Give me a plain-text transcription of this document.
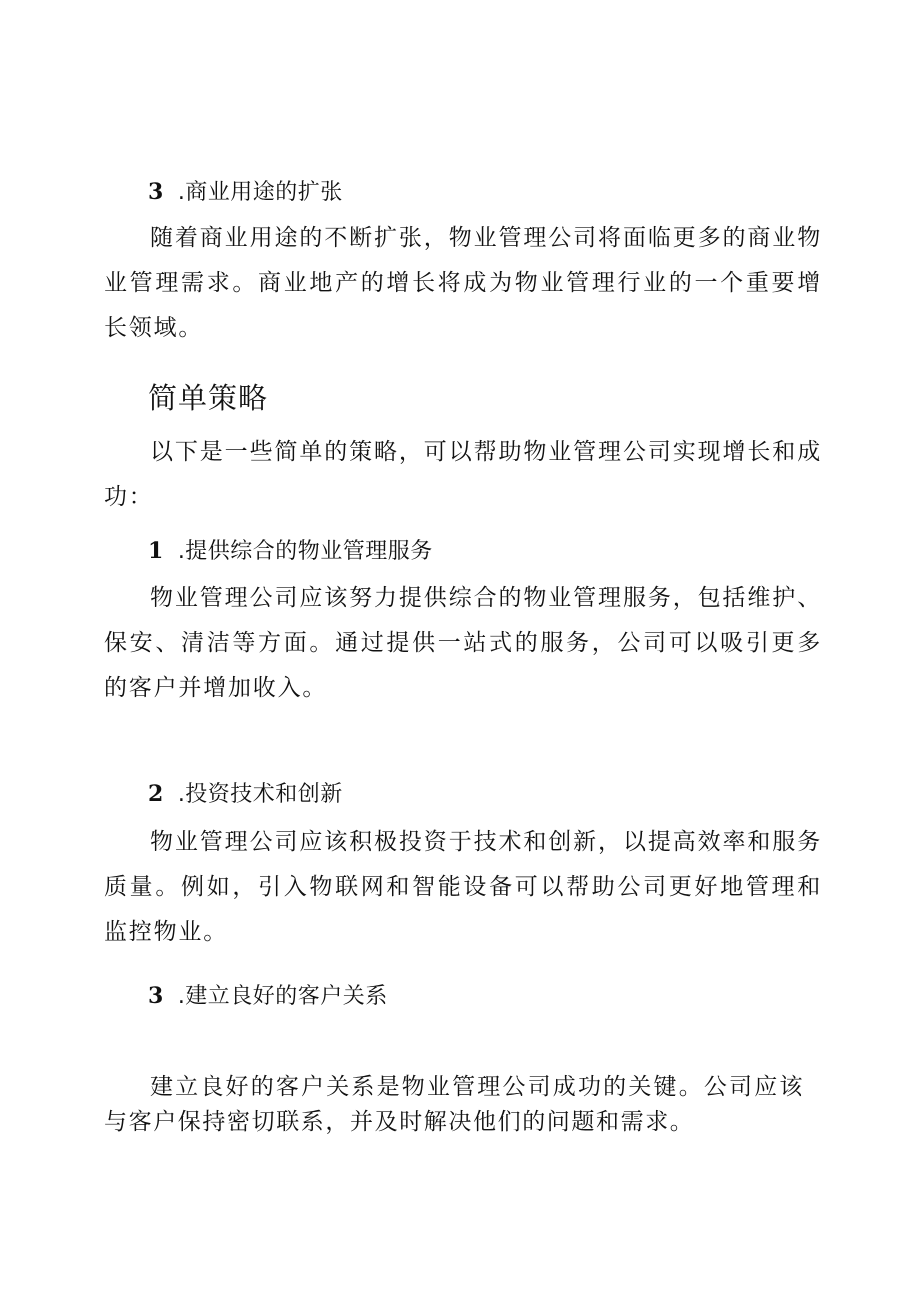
3 .商业用途的扩张

随着商业用途的不断扩张，物业管理公司将面临更多的商业物业管理需求。商业地产的增长将成为物业管理行业的一个重要增长领域。

简单策略

以下是一些简单的策略，可以帮助物业管理公司实现增长和成功：

1 .提供综合的物业管理服务

物业管理公司应该努力提供综合的物业管理服务，包括维护、保安、清洁等方面。通过提供一站式的服务，公司可以吸引更多的客户并增加收入。

2 .投资技术和创新

物业管理公司应该积极投资于技术和创新，以提高效率和服务质量。例如，引入物联网和智能设备可以帮助公司更好地管理和监控物业。

3 .建立良好的客户关系

建立良好的客户关系是物业管理公司成功的关键。公司应该与客户保持密切联系，并及时解决他们的问题和需求。
